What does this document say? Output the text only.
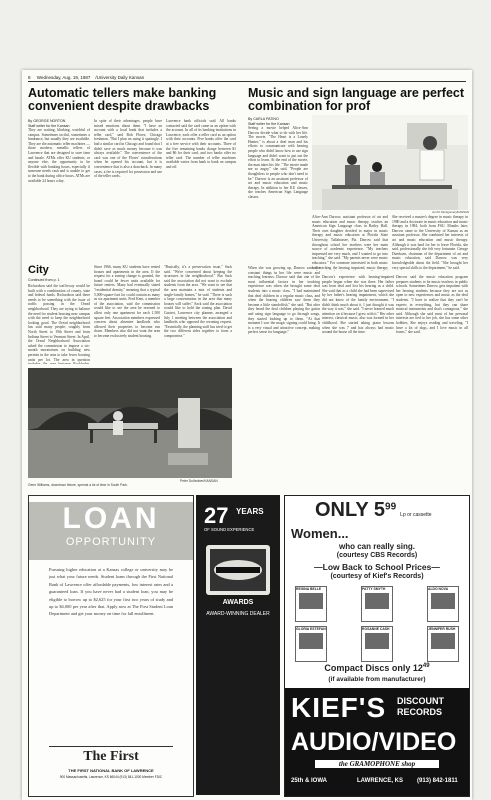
8 Wednesday, Aug. 19, 1987 /University Daily Kansan
Automatic tellers make banking convenient despite drawbacks
By GEORGE NORTON
Staff writer for the Kansan
They are waiting, blinking, watchful of campus. Sometimes tactful, sometimes a hindrance, but usually they are available. They are the automatic teller machines — those modern, metallic tellers of Lawrence that are designed to save time and hassle. ATMs offer KU students, or anyone else, the opportunity to be flexible with banking hours, especially if someone needs cash and is unable to get to the bank during office hours. ATMs are available 24 hours a day.
In spite of their advantages, people have mixed emotions about them. "I have an account with a local bank that includes a teller card," said Bob Flores, Chicago freshman. "But I plan on using it sparingly. I had a similar card in Chicago and found that I didn't save as much money because it was always available." The convenience of the card was one of the Flores' considerations when he opened his account, but it is convenience that is also a drawback. In many cases, a fee is required for possession and use of the teller cards.
Lawrence bank officials said. All banks contacted said the card came as an option with the account. In all of its banking institutions in Lawrence, each offer a teller card as an option with their accounts. Five banks offer the card at a free service with their accounts. Three of the five remaining banks charge between $1 and $6 for their card, and two banks offer no teller card. The number of teller machines available varies from bank to bank on campus and off.
City
Continued from p. 1
Richardson said the trafficway would be built with a combination of county, state and federal funds. Richardson said there needs to be something with the issue of traffic passing in the Oread neighborhood. They are trying to balance the need for student housing near campus with the need to keep the neighborhood looking good. The Oread neighborhood has said many people, roughly from North Street to 19th Street and from Indiana Street to Vermont Street. In April, the Oread Neighborhood Association asked the commission to impose a six-month moratorium on building new permits in the area to take fewer housing units per lot. The area in question
Since 1966, many KU students have rented houses and apartments in the area. If the request for a zoning change is granted, the board could be fewer units available for future renters. Many had eventually stated "residential density," meaning that a typical 5,000-square-foot lot could contain as many as six apartment units. Fred Kent, a member of the association, said the commission would like to see the area be rezoned to allow only one apartment for each 1,500 square feet. Association members expressed concern about absentee landlords who allowed their properties to become run down. Members also did not want the area to become exclusively student housing.
"Basically, it's a preservation issue," Sack said. "We're concerned about keeping the structures in the neighborhood." But Sack said the association did not want to exclude students from the area. "We want to see that the area maintain a mix of students and single-family homes," he said. "There is such a large concentration in the area that many houses will suffer." Sack said the association would like to hold the zoning plan. David Gustert, Lawrence city planner, arranged a July 1 meeting between the association and landlords who opposed the rezoning request. "Essentially, the planning staff has tried to get the two different sides together to form a compromise."
Peter Dulhrober/KANSAN
Gene Williams, downtown fixture, spends a lot of time in South Park.
Music and sign language are perfect combination for prof
By CARLA PATINO
Staff writer for the Kansan
Seeing a movie helped Alice-Ann Darrow decide what to do with her life. The movie, "The Heart is a Lonely Hunter," is about a deaf man and his efforts to communicate with hearing people who didn't know how to use sign language and didn't want to put out the effort to learn. At the end of the movie, the man takes his life. "The movie made me so angry," she said. "People are thoughtless to people who don't need to be." Darrow is an assistant professor of art and music education and music therapy. In addition to her KU classes, she teaches American Sign Language classes.
Jon M. Montgomery/KANSAN
Alice-Ann Darrow, assistant professor of art and music education and music therapy, teaches an American Sign Language class in Bailey Hall. Their own daughter decided to major in music therapy and music education at Florida State University, Tallahassee, Fla. Darrow said that throughout school her teachers were her main source of academic experience. "My teachers impressed me very much, and I wanted to go into teaching," she said. "My parents never were music educators." For someone interested in both music and teaching the hearing impaired, music therapy
She received a master's degree in music therapy in 1980 and a doctorate in music education and music therapy in 1984, both from FSU. Months later, Darrow came to the University of Kansas as an assistant professor. She combined her interests of art and music education and music therapy. Although it was hard for her to leave Florida, she said, professionally she felt very fortunate. George Duerksen, chairman of the department of art and music education, said Darrow was very knowledgeable about the field. "She brought her very special skills to the department," he said.
When she was growing up, Darrow said, the constant things in her life were music and teaching learners. Darrow said that one of the most influential factors in her teaching experience was when she brought some deaf students into a music class. "I had maintained that deaf children in a regular music class, and when the hearing children saw them they became a little standoffish," she said. "But after they heard the deaf children playing the guitar and using sign language to go through songs, they started looking up to them. "At that moment I saw the magic signing could bring. It is a very visual and attractive concept, making perfect sense for language."
Darrow's experience with hearing-impaired people began when she was three. Her father was born deaf and lost his hearing as a child. She said that as a child she had been supervised by her father's hearing impairment, which she did not know of the family environment. "I didn't think much about it. I just thought it was the way it was," she said. "I never learned much attention on it because I grew with it." Her other interest, classical music, also was formed in her childhood. She started taking piano lessons when she was 7 and has always had music around the house all the time.
Darrow said the music education program prepares students to be music teachers in public schools. Sometimes Darrow gets impatient with her hearing students because they are not as open to new experiences and music as the deaf students. "I have to realize that they can't be experts in everything, but they can share musical instruments and that's contagious," she said. Although she said most of her personal interests are tied to her job, she has some other hobbies. She enjoys reading and traveling. "I have a lot of dogs, and I love music in all forms," she said.
LOAN
OPPORTUNITY
Pursuing higher education at a Kansas college or university may be just what your future needs. Student loans through the First National Bank of Lawrence offer affordable payments, low interest rates and a guaranteed loan. If you have never had a student loan, you may be eligible to borrow up to $2,625 for your first two years of study and up to $4,000 per year after that. Apply now at The First Student Loan Department and get your money on time for fall enrollment.
The First
THE FIRST NATIONAL BANK OF LAWRENCE
900 Massachusetts, Lawrence, KS 66044 (913) 841-1000 Member FDIC
27 YEARS
OF SOUND EXPERIENCE
AWARDS
AWARD-WINNING DEALER
ONLY $5^{99}$ Lp or cassette
Women...
who can really sing.
(courtesy CBS Records)
—Low Back to School Prices—
(courtesy of Kief's Records)
REGINA BELLE	PATTY SMYTH	ALDO NOVA
GLORIA ESTEFAN	ROSANNE CASH	JENNIFER RUSH
Compact Discs only $12^{49}$
(if available from manufacturer)
KIEF'S DISCOUNT
RECORDS
AUDIO/VIDEO
the GRAMOPHONE shop
25th & IOWA	LAWRENCE, KS (913) 842-1811
